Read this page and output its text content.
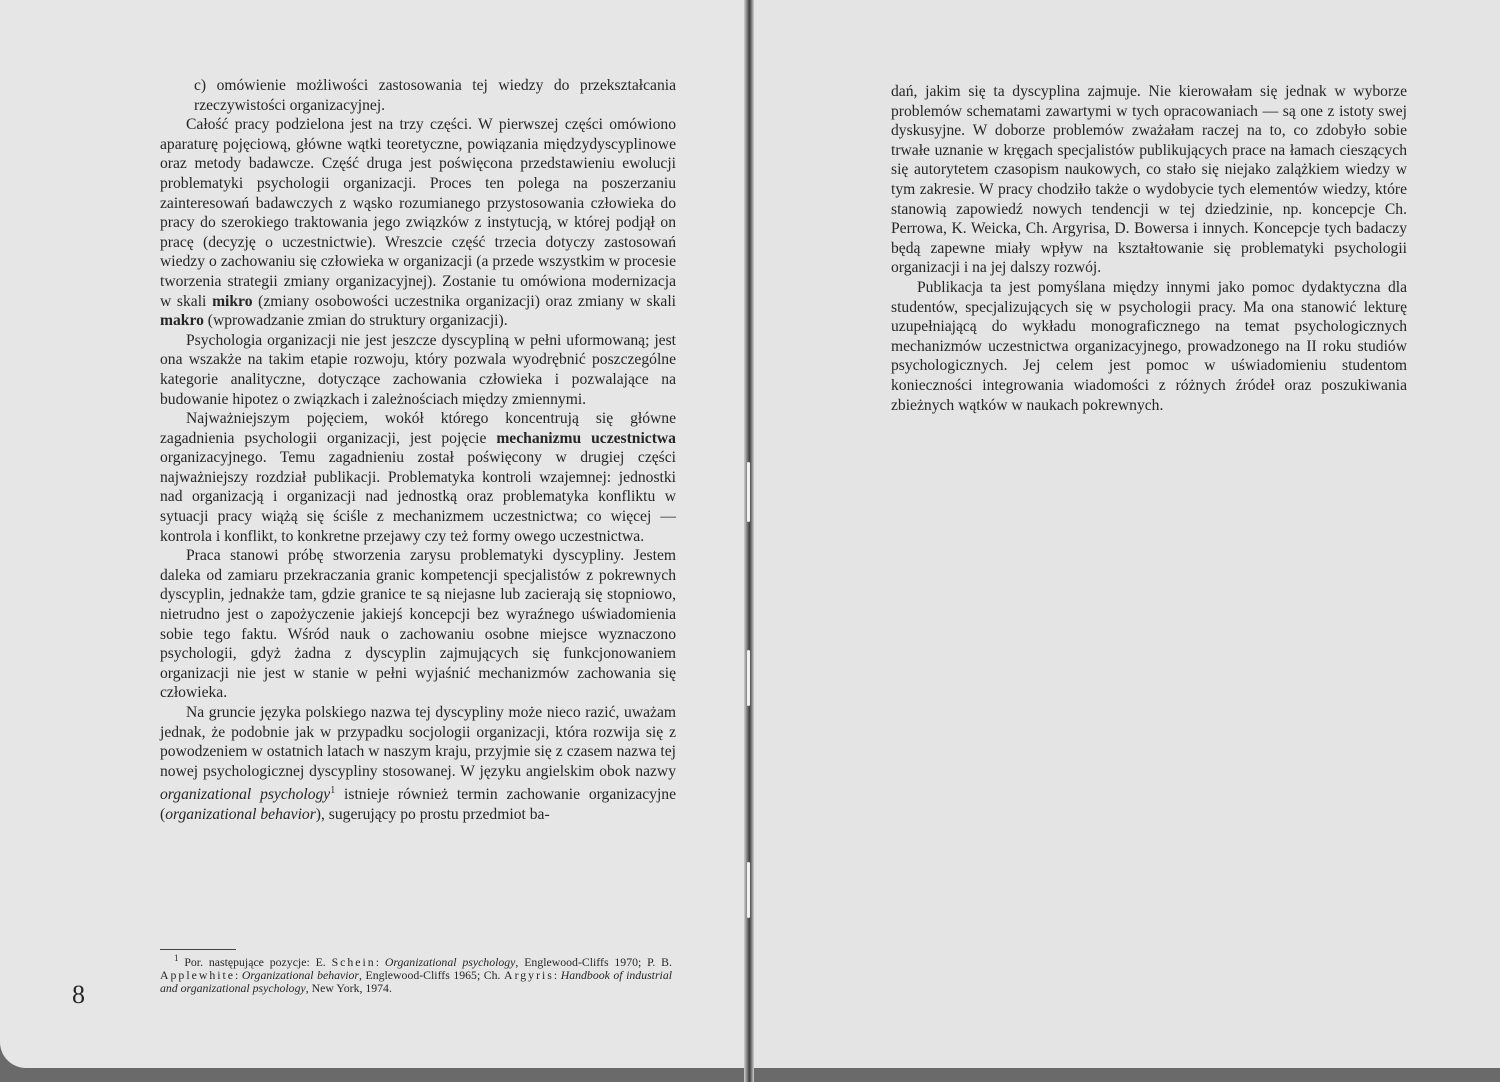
c) omówienie możliwości zastosowania tej wiedzy do przekształcania rzeczywistości organizacyjnej.

Całość pracy podzielona jest na trzy części. W pierwszej części omówiono aparaturę pojęciową, główne wątki teoretyczne, powiązania międzydyscyplinowe oraz metody badawcze. Część druga jest poświęcona przedstawieniu ewolucji problematyki psychologii organizacji. Proces ten polega na poszerzaniu zainteresowań badawczych z wąsko rozumianego przystosowania człowieka do pracy do szerokiego traktowania jego związków z instytucją, w której podjął on pracę (decyzję o uczestnictwie). Wreszcie część trzecia dotyczy zastosowań wiedzy o zachowaniu się człowieka w organizacji (a przede wszystkim w procesie tworzenia strategii zmiany organizacyjnej). Zostanie tu omówiona modernizacja w skali mikro (zmiany osobowości uczestnika organizacji) oraz zmiany w skali makro (wprowadzanie zmian do struktury organizacji).

Psychologia organizacji nie jest jeszcze dyscypliną w pełni uformowaną; jest ona wszakże na takim etapie rozwoju, który pozwala wyodrębnić poszczególne kategorie analityczne, dotyczące zachowania człowieka i pozwalające na budowanie hipotez o związkach i zależnościach między zmiennymi.

Najważniejszym pojęciem, wokół którego koncentrują się główne zagadnienia psychologii organizacji, jest pojęcie mechanizmu uczestnictwa organizacyjnego. Temu zagadnieniu został poświęcony w drugiej części najważniejszy rozdział publikacji. Problematyka kontroli wzajemnej: jednostki nad organizacją i organizacji nad jednostką oraz problematyka konfliktu w sytuacji pracy wiążą się ściśle z mechanizmem uczestnictwa; co więcej — kontrola i konflikt, to konkretne przejawy czy też formy owego uczestnictwa.

Praca stanowi próbę stworzenia zarysu problematyki dyscypliny. Jestem daleka od zamiaru przekraczania granic kompetencji specjalistów z pokrewnych dyscyplin, jednakże tam, gdzie granice te są niejasne lub zacierają się stopniowo, nietrudno jest o zapożyczenie jakiejś koncepcji bez wyraźnego uświadomienia sobie tego faktu. Wśród nauk o zachowaniu osobne miejsce wyznaczono psychologii, gdyż żadna z dyscyplin zajmujących się funkcjonowaniem organizacji nie jest w stanie w pełni wyjaśnić mechanizmów zachowania się człowieka.

Na gruncie języka polskiego nazwa tej dyscypliny może nieco razić, uważam jednak, że podobnie jak w przypadku socjologii organizacji, która rozwija się z powodzeniem w ostatnich latach w naszym kraju, przyjmie się z czasem nazwa tej nowej psychologicznej dyscypliny stosowanej. W języku angielskim obok nazwy organizational psychology$^1$ istnieje również termin zachowanie organizacyjne (organizational behavior), sugerujący po prostu przedmiot ba-

$^1$ Por. następujące pozycje: E. Schein: Organizational psychology, Englewood-Cliffs 1970; P. B. Applewhite: Organizational behavior, Englewood-Cliffs 1965; Ch. Argyris: Handbook of industrial and organizational psychology, New York, 1974.

8

dań, jakim się ta dyscyplina zajmuje. Nie kierowałam się jednak w wyborze problemów schematami zawartymi w tych opracowaniach — są one z istoty swej dyskusyjne. W doborze problemów zważałam raczej na to, co zdobyło sobie trwałe uznanie w kręgach specjalistów publikujących prace na łamach cieszących się autorytetem czasopism naukowych, co stało się niejako zalążkiem wiedzy w tym zakresie. W pracy chodziło także o wydobycie tych elementów wiedzy, które stanowią zapowiedź nowych tendencji w tej dziedzinie, np. koncepcje Ch. Perrowa, K. Weicka, Ch. Argyrisa, D. Bowersa i innych. Koncepcje tych badaczy będą zapewne miały wpływ na kształtowanie się problematyki psychologii organizacji i na jej dalszy rozwój.

Publikacja ta jest pomyślana między innymi jako pomoc dydaktyczna dla studentów, specjalizujących się w psychologii pracy. Ma ona stanowić lekturę uzupełniającą do wykładu monograficznego na temat psychologicznych mechanizmów uczestnictwa organizacyjnego, prowadzonego na II roku studiów psychologicznych. Jej celem jest pomoc w uświadomieniu studentom konieczności integrowania wiadomości z różnych źródeł oraz poszukiwania zbieżnych wątków w naukach pokrewnych.
